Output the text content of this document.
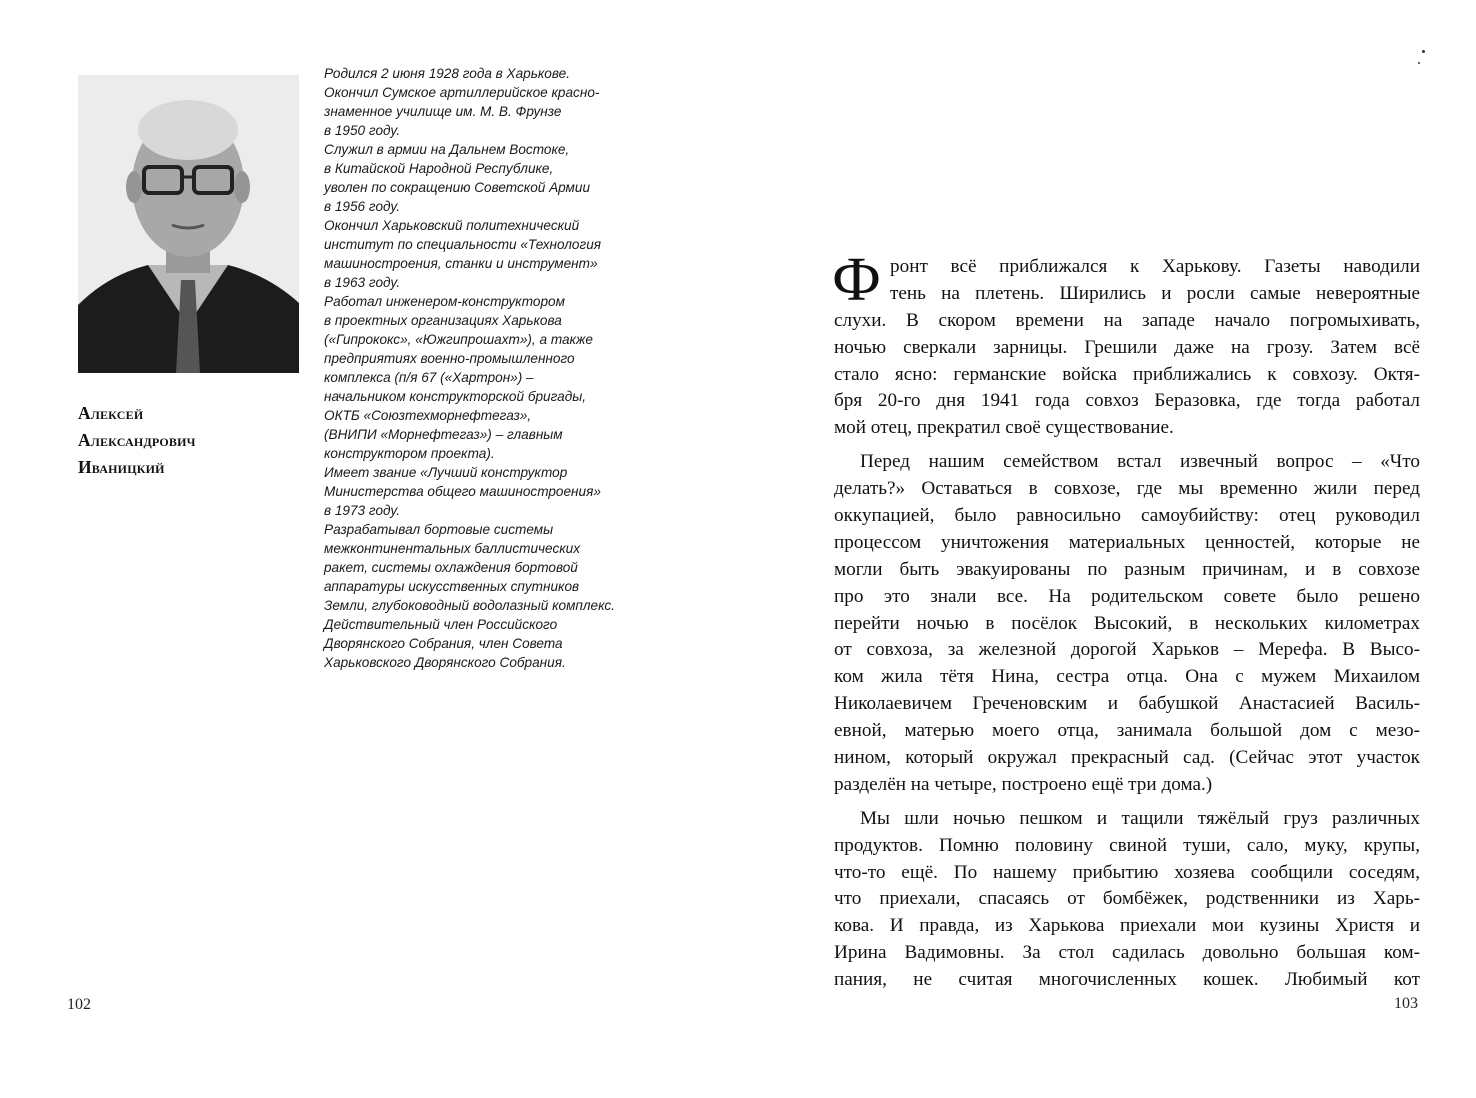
Алексей
Александрович
Иваницкий
Родился 2 июня 1928 года в Харькове.
Окончил Сумское артиллерийское красно-
знаменное училище им. М. В. Фрунзе
в 1950 году.
Служил в армии на Дальнем Востоке,
в Китайской Народной Республике,
уволен по сокращению Советской Армии
в 1956 году.
Окончил Харьковский политехнический
институт по специальности «Технология
машиностроения, станки и инструмент»
в 1963 году.
Работал инженером-конструктором
в проектных организациях Харькова
(«Гипрококс», «Южгипрошахт»), а также
предприятиях военно-промышленного
комплекса (п/я 67 («Хартрон») –
начальником конструкторской бригады,
ОКТБ «Союзтехморнефтегаз»,
(ВНИПИ «Морнефтегаз») – главным
конструктором проекта).
Имеет звание «Лучший конструктор
Министерства общего машиностроения»
в 1973 году.
Разрабатывал бортовые системы
межконтинентальных баллистических
ракет, системы охлаждения бортовой
аппаратуры искусственных спутников
Земли, глубоководный водолазный комплекс.
Действительный член Российского
Дворянского Собрания, член Совета
Харьковского Дворянского Собрания.
102
Ф ронт всё приближался к Харькову. Газеты наводили
тень на плетень. Ширились и росли самые невероятные
слухи. В скором времени на западе начало погромыхивать,
ночью сверкали зарницы. Грешили даже на грозу. Затем всё
стало ясно: германские войска приближались к совхозу. Октя-
бря 20-го дня 1941 года совхоз Беразовка, где тогда работал
мой отец, прекратил своё существование.
Перед нашим семейством встал извечный вопрос – «Что
делать?» Оставаться в совхозе, где мы временно жили перед
оккупацией, было равносильно самоубийству: отец руководил
процессом уничтожения материальных ценностей, которые не
могли быть эвакуированы по разным причинам, и в совхозе
про это знали все. На родительском совете было решено
перейти ночью в посёлок Высокий, в нескольких километрах
от совхоза, за железной дорогой Харьков – Мерефа. В Высо-
ком жила тётя Нина, сестра отца. Она с мужем Михаилом
Николаевичем Греченовским и бабушкой Анастасией Василь-
евной, матерью моего отца, занимала большой дом с мезо-
нином, который окружал прекрасный сад. (Сейчас этот участок
разделён на четыре, построено ещё три дома.)
Мы шли ночью пешком и тащили тяжёлый груз различных
продуктов. Помню половину свиной туши, сало, муку, крупы,
что-то ещё. По нашему прибытию хозяева сообщили соседям,
что приехали, спасаясь от бомбёжек, родственники из Харь-
кова. И правда, из Харькова приехали мои кузины Христя и
Ирина Вадимовны. За стол садилась довольно большая ком-
пания, не считая многочисленных кошек. Любимый кот
103
